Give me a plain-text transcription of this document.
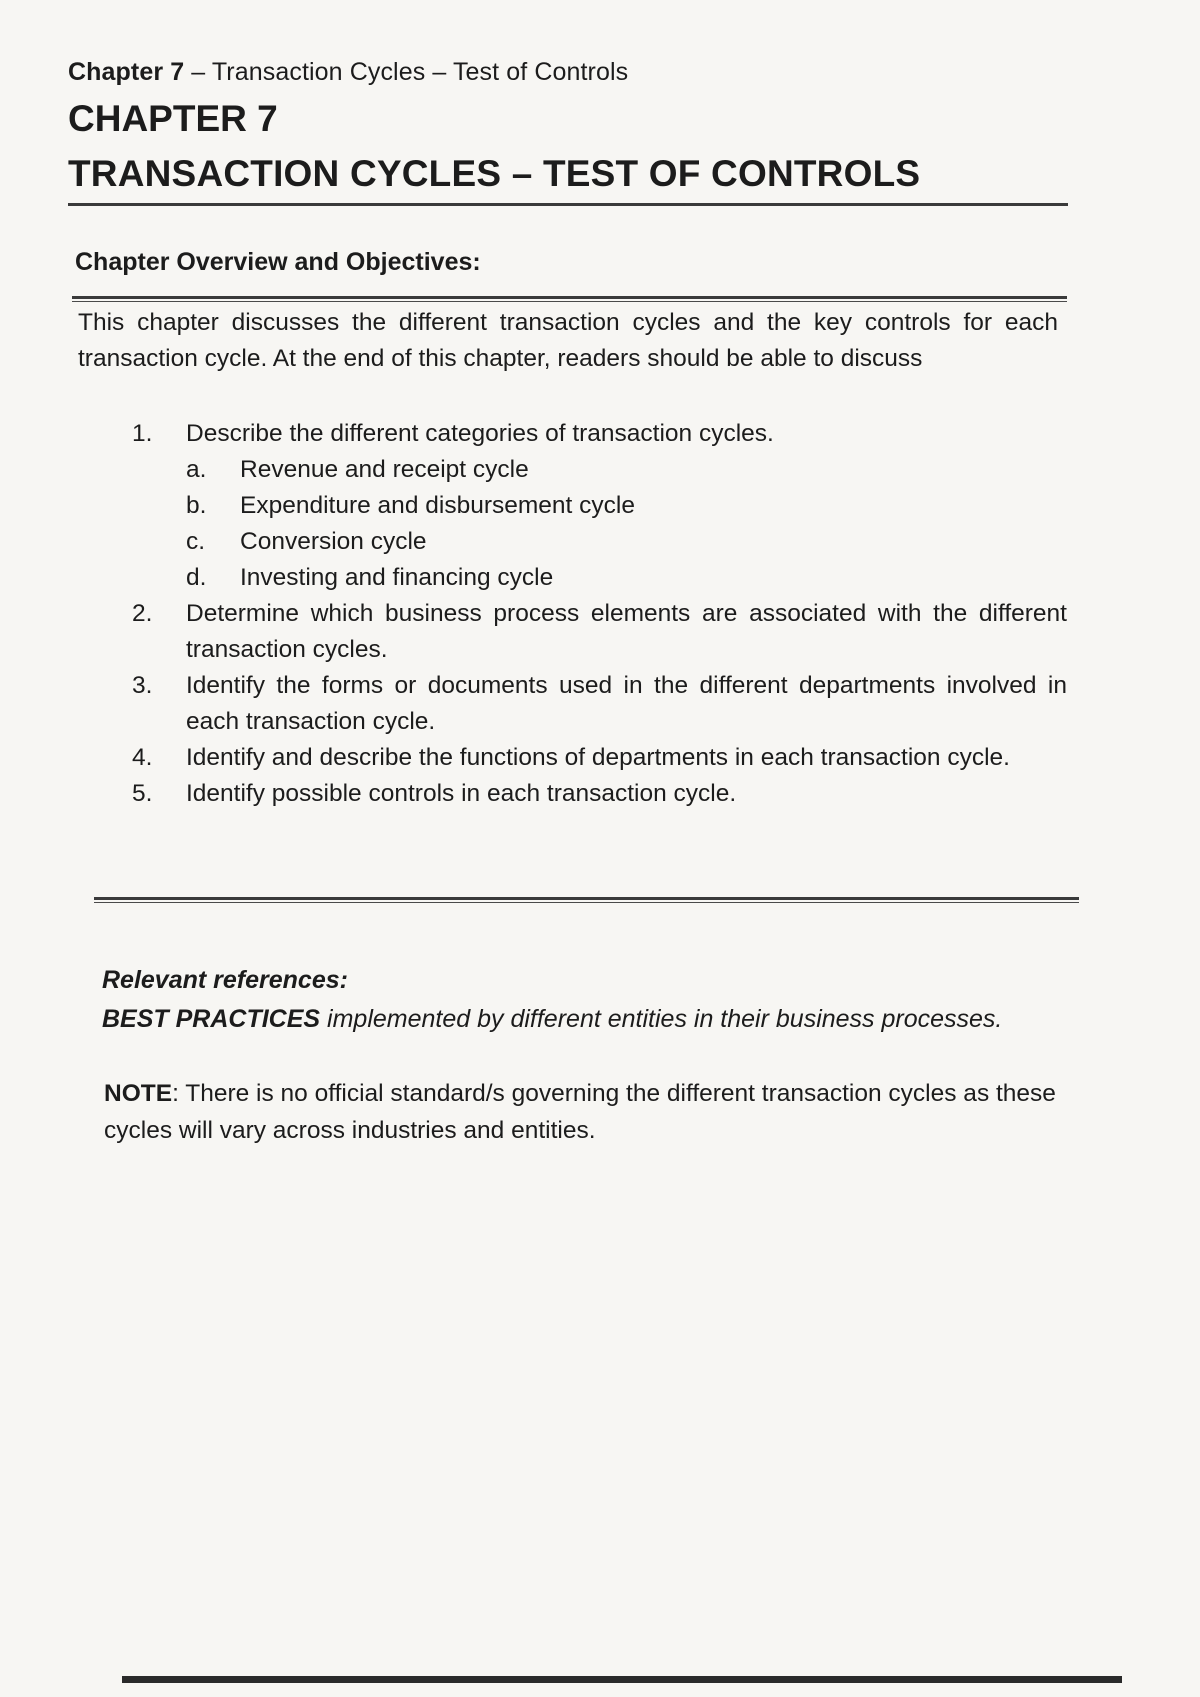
Chapter 7 – Transaction Cycles – Test of Controls
CHAPTER 7
TRANSACTION CYCLES – TEST OF CONTROLS
Chapter Overview and Objectives:
This chapter discusses the different transaction cycles and the key controls for each transaction cycle. At the end of this chapter, readers should be able to discuss
1. Describe the different categories of transaction cycles.
a. Revenue and receipt cycle
b. Expenditure and disbursement cycle
c. Conversion cycle
d. Investing and financing cycle
2. Determine which business process elements are associated with the different transaction cycles.
3. Identify the forms or documents used in the different departments involved in each transaction cycle.
4. Identify and describe the functions of departments in each transaction cycle.
5. Identify possible controls in each transaction cycle.
Relevant references:
BEST PRACTICES implemented by different entities in their business processes.
NOTE: There is no official standard/s governing the different transaction cycles as these cycles will vary across industries and entities.
